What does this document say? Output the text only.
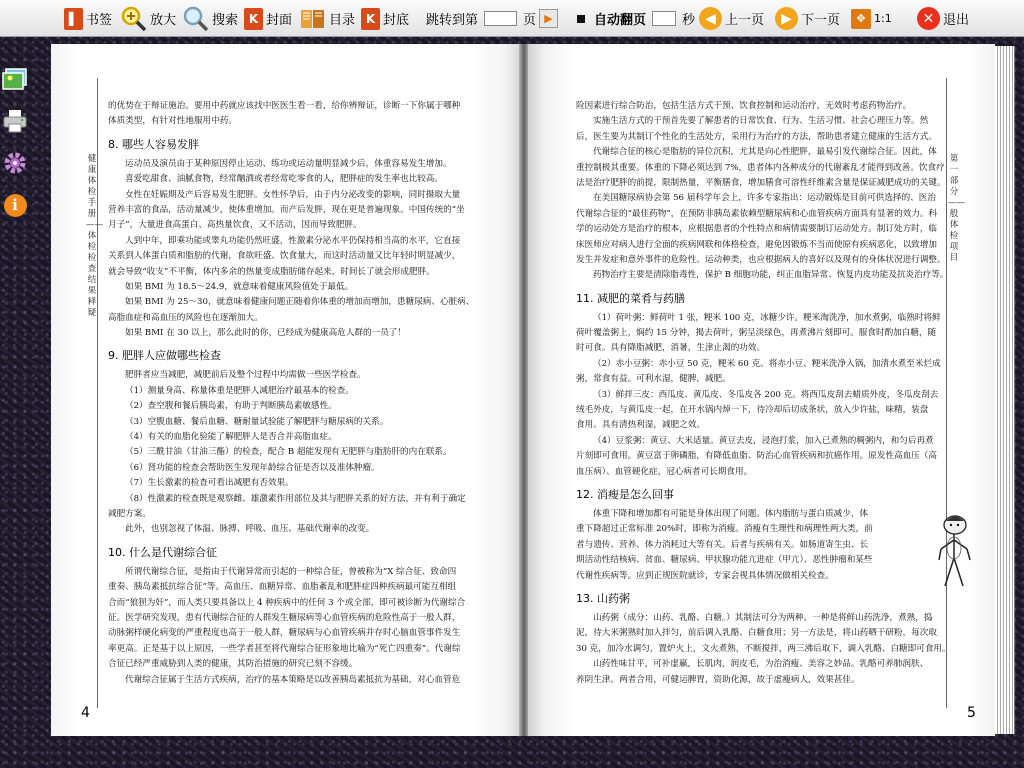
▌ 书签	放大	搜索 K 封面	目录 K 封底 跳转到第	页 ▶	自动翻页	秒 ◀ 上一页	▶ 下一页	✥ 1:1	✕ 退出
i
健康体检手册——体检检查结果释疑

的优势在于辩证施治。要用中药就应该找中医医生看一看，给你辨辩证，诊断一下你属于哪种

体质类型，有针对性地服用中药。

8. 哪些人容易发胖

运动员及演员由于某种原因停止运动、练功或运动量明显减少后，体重容易发生增加。

喜爱吃甜食、油腻食物，经常酗酒或者经常吃零食的人，肥胖症的发生率也比较高。

女性在妊娠期及产后容易发生肥胖。女性怀孕后，由于内分泌改变的影响，同时摄取大量

营养丰富的食品，活动量减少，使体重增加。而产后发胖，现在更是普遍现象。中国传统的“坐

月子”，大量进食高蛋白、高热量饮食，又不活动，因而导致肥胖。

人到中年，即乘功能或睾丸功能仍然旺盛，性激素分泌水平仍保持相当高的水平，它直接

关系到人体蛋白质和脂肪的代谢，食欲旺盛、饮食量大，而这时活动量又比年轻时明显减少，

就会导致“收支”不平衡，体内多余的热量变成脂肪储存起来，时间长了就会形成肥胖。

如果 BMI 为 18.5～24.9，就意味着健康风险值处于最低。

如果 BMI 为 25～30，就意味着健康问题正随着你体重的增加而增加，患糖尿病、心脏病、

高脂血症和高血压的风险也在逐渐加大。

如果 BMI 在 30 以上，那么此时的你，已经成为健康高危人群的一员了！

9. 肥胖人应做哪些检查

肥胖者应当减肥，减肥前后及整个过程中均需做一些医学检查。

（1）测量身高、称量体重是肥胖人减肥治疗最基本的检查。

（2）查空腹和餐后胰岛素，有助于判断胰岛素敏感性。

（3）空腹血糖、餐后血糖、糖耐量试验能了解肥胖与糖尿病的关系。

（4）有关的血脂化验能了解肥胖人是否合并高脂血症。

（5）三酰甘油（甘油三酯）的检查，配合 B 超能发现有无肥胖与脂肪肝的内在联系。

（6）肾功能的检查会帮助医生发现年龄综合征是否以及准体肿瘤。

（7）生长激素的检查可看出减肥有否效果。

（8）性激素的检查既是观察雌、雄激素作用部位及其与肥胖关系的好方法，并有利于确定

减肥方案。

此外，也别忽视了体温、脉搏、呼吸、血压、基础代谢率的改变。

10. 什么是代谢综合征

所谓代谢综合征，是指由于代谢异常而引起的一种综合征，曾被称为“X 综合征、致命四

重奏、胰岛素抵抗综合征”等。高血压、血糖异常、血脂紊乱和肥胖症四种疾病最可能互相组

合而“狼狈为奸”，而人类只要具备以上 4 种疾病中的任何 3 个或全部，即可被诊断为代谢综合

征。医学研究发现，患有代谢综合征的人群发生糖尿病等心血管疾病的危险性高于一般人群，

动脉粥样硬化病变的严重程度也高于一般人群，糖尿病与心血管疾病并存时心脑血管事件发生

率更高。正是基于以上原因，一些学者甚至将代谢综合征形象地比喻为“死亡四重奏”。代谢综

合征已经严重威胁到人类的健康，其防治措施的研究已刻不容缓。

代谢综合征属于生活方式疾病，治疗的基本策略是以改善胰岛素抵抗为基础，对心血管危

4
第一部分——般体检项目

险因素进行综合防治，包括生活方式干预、饮食控制和运动治疗，无效时考虑药物治疗。

实施生活方式的干预首先要了解患者的日常饮食、行为、生活习惯、社会心理压力等。然

后，医生要为其制订个性化的生活处方，采用行为治疗的方法，帮助患者建立健康的生活方式。

代谢综合征的核心是脂肪的异位沉积，尤其是向心性肥胖，最易引发代谢综合征。因此，体

重控制极其重要。体重的下降必须达到 7%，患者体内各种成分的代谢紊乱才能得到改善。饮食疗

法是治疗肥胖的前提，限制热量，平衡膳食，增加膳食可溶性纤维素含量是保证减肥成功的关键。

在美国糖尿病协会第 56 届科学年会上，许多专家指出：运动锻炼是目前可供选择的、医治

代谢综合征的“最佳药物”，在预防非胰岛素依赖型糖尿病和心血管疾病方面具有显著的效力。科

学的运动处方是治疗的根本，应根据患者的个性特点和病情需要制订运动处方。制订处方时，临

床医师应对病人进行全面的疾病网联和体格检查，避免因锻炼不当而使原有疾病恶化，以致增加

发生并发症和意外事件的危险性。运动种类，也应根据病人的喜好以及现有的身体状况进行调整。

药物治疗主要是清除脂毒性，保护 B 细胞功能，纠正血脂异常、恢复内皮功能及抗炎治疗等。

11. 减肥的菜肴与药膳

（1）荷叶粥：鲜荷叶 1 张，粳米 100 克，冰糖少许。粳米淘洗净，加水煮粥，临熟时将鲜

荷叶覆盖粥上，焖约 15 分钟，揭去荷叶，粥呈淡绿色，再煮沸片刻即可。服食时酌加白糖，随

时可食。具有降脂减肥，消暑，生津止渴的功效。

（2）赤小豆粥：赤小豆 50 克，粳米 60 克。将赤小豆、粳米洗净入锅，加清水煮至米烂成

粥，常食有益。可利水湿，健脾，减肥。

（3）鲜拌三皮：西瓜皮、黄瓜皮、冬瓜皮各 200 克。将西瓜皮刮去蜡质外皮，冬瓜皮刮去

绒毛外皮，与黄瓜皮一起，在开水锅内焯一下，待冷却后切成条状，放入少许盐，味精，装盘

食用。具有清热利湿，减肥之效。

（4）豆浆粥：黄豆、大米适量。黄豆去皮，浸泡打浆，加入已煮熟的稠粥内，和匀后再煮

片刻即可食用。黄豆富于卵磷脂，有降低血脂、防治心血管疾病和抗癌作用。原发性高血压（高

血压病）、血管硬化症，冠心病者可长期食用。

12. 消瘦是怎么回事

体重下降和增加都有可能是身体出现了问题。体内脂肪与蛋白质减少，体

重下降超过正常标准 20%时，即称为消瘦。消瘦有生理性和病理性两大类，前

者与遗传、营养、体力消耗过大等有关。后者与疾病有关。如肠道寄生虫、长

期活动性结核病、贫血、糖尿病、甲状腺功能亢进症（甲亢）、恶性肿瘤和某些

代谢性疾病等。应到正规医院就诊，专家会视具体情况做相关检查。

13. 山药粥

山药粥（成分：山药、乳酪、白糖。）其制法可分为两种。一种是将鲜山药洗净，煮熟，捣

泥，待大米粥熟时加入拌匀，前后调入乳酪、白糖食用；另一方法是，将山药晒干研粉，每次取

30 克，加冷水调匀，置炉火上，文火煮熟，不断搅拌，两三沸后取下，调入乳酪、白糖即可食用。

山药性味甘平，可补虚羸，长肌肉，润皮毛，为治消瘦、美容之妙品。乳酪可养肺润肤、

养阴生津。两者合用，可健运脾胃，资助化源，故于虚瘦病人，效果甚佳。

5
